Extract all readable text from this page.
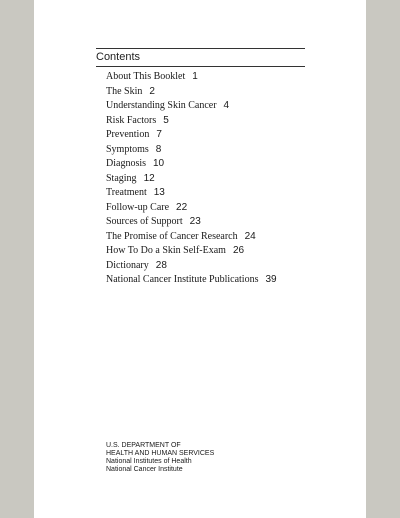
Contents
About This Booklet 1
The Skin 2
Understanding Skin Cancer 4
Risk Factors 5
Prevention 7
Symptoms 8
Diagnosis 10
Staging 12
Treatment 13
Follow-up Care 22
Sources of Support 23
The Promise of Cancer Research 24
How To Do a Skin Self-Exam 26
Dictionary 28
National Cancer Institute Publications 39
U.S. DEPARTMENT OF
HEALTH AND HUMAN SERVICES
National Institutes of Health
National Cancer Institute
